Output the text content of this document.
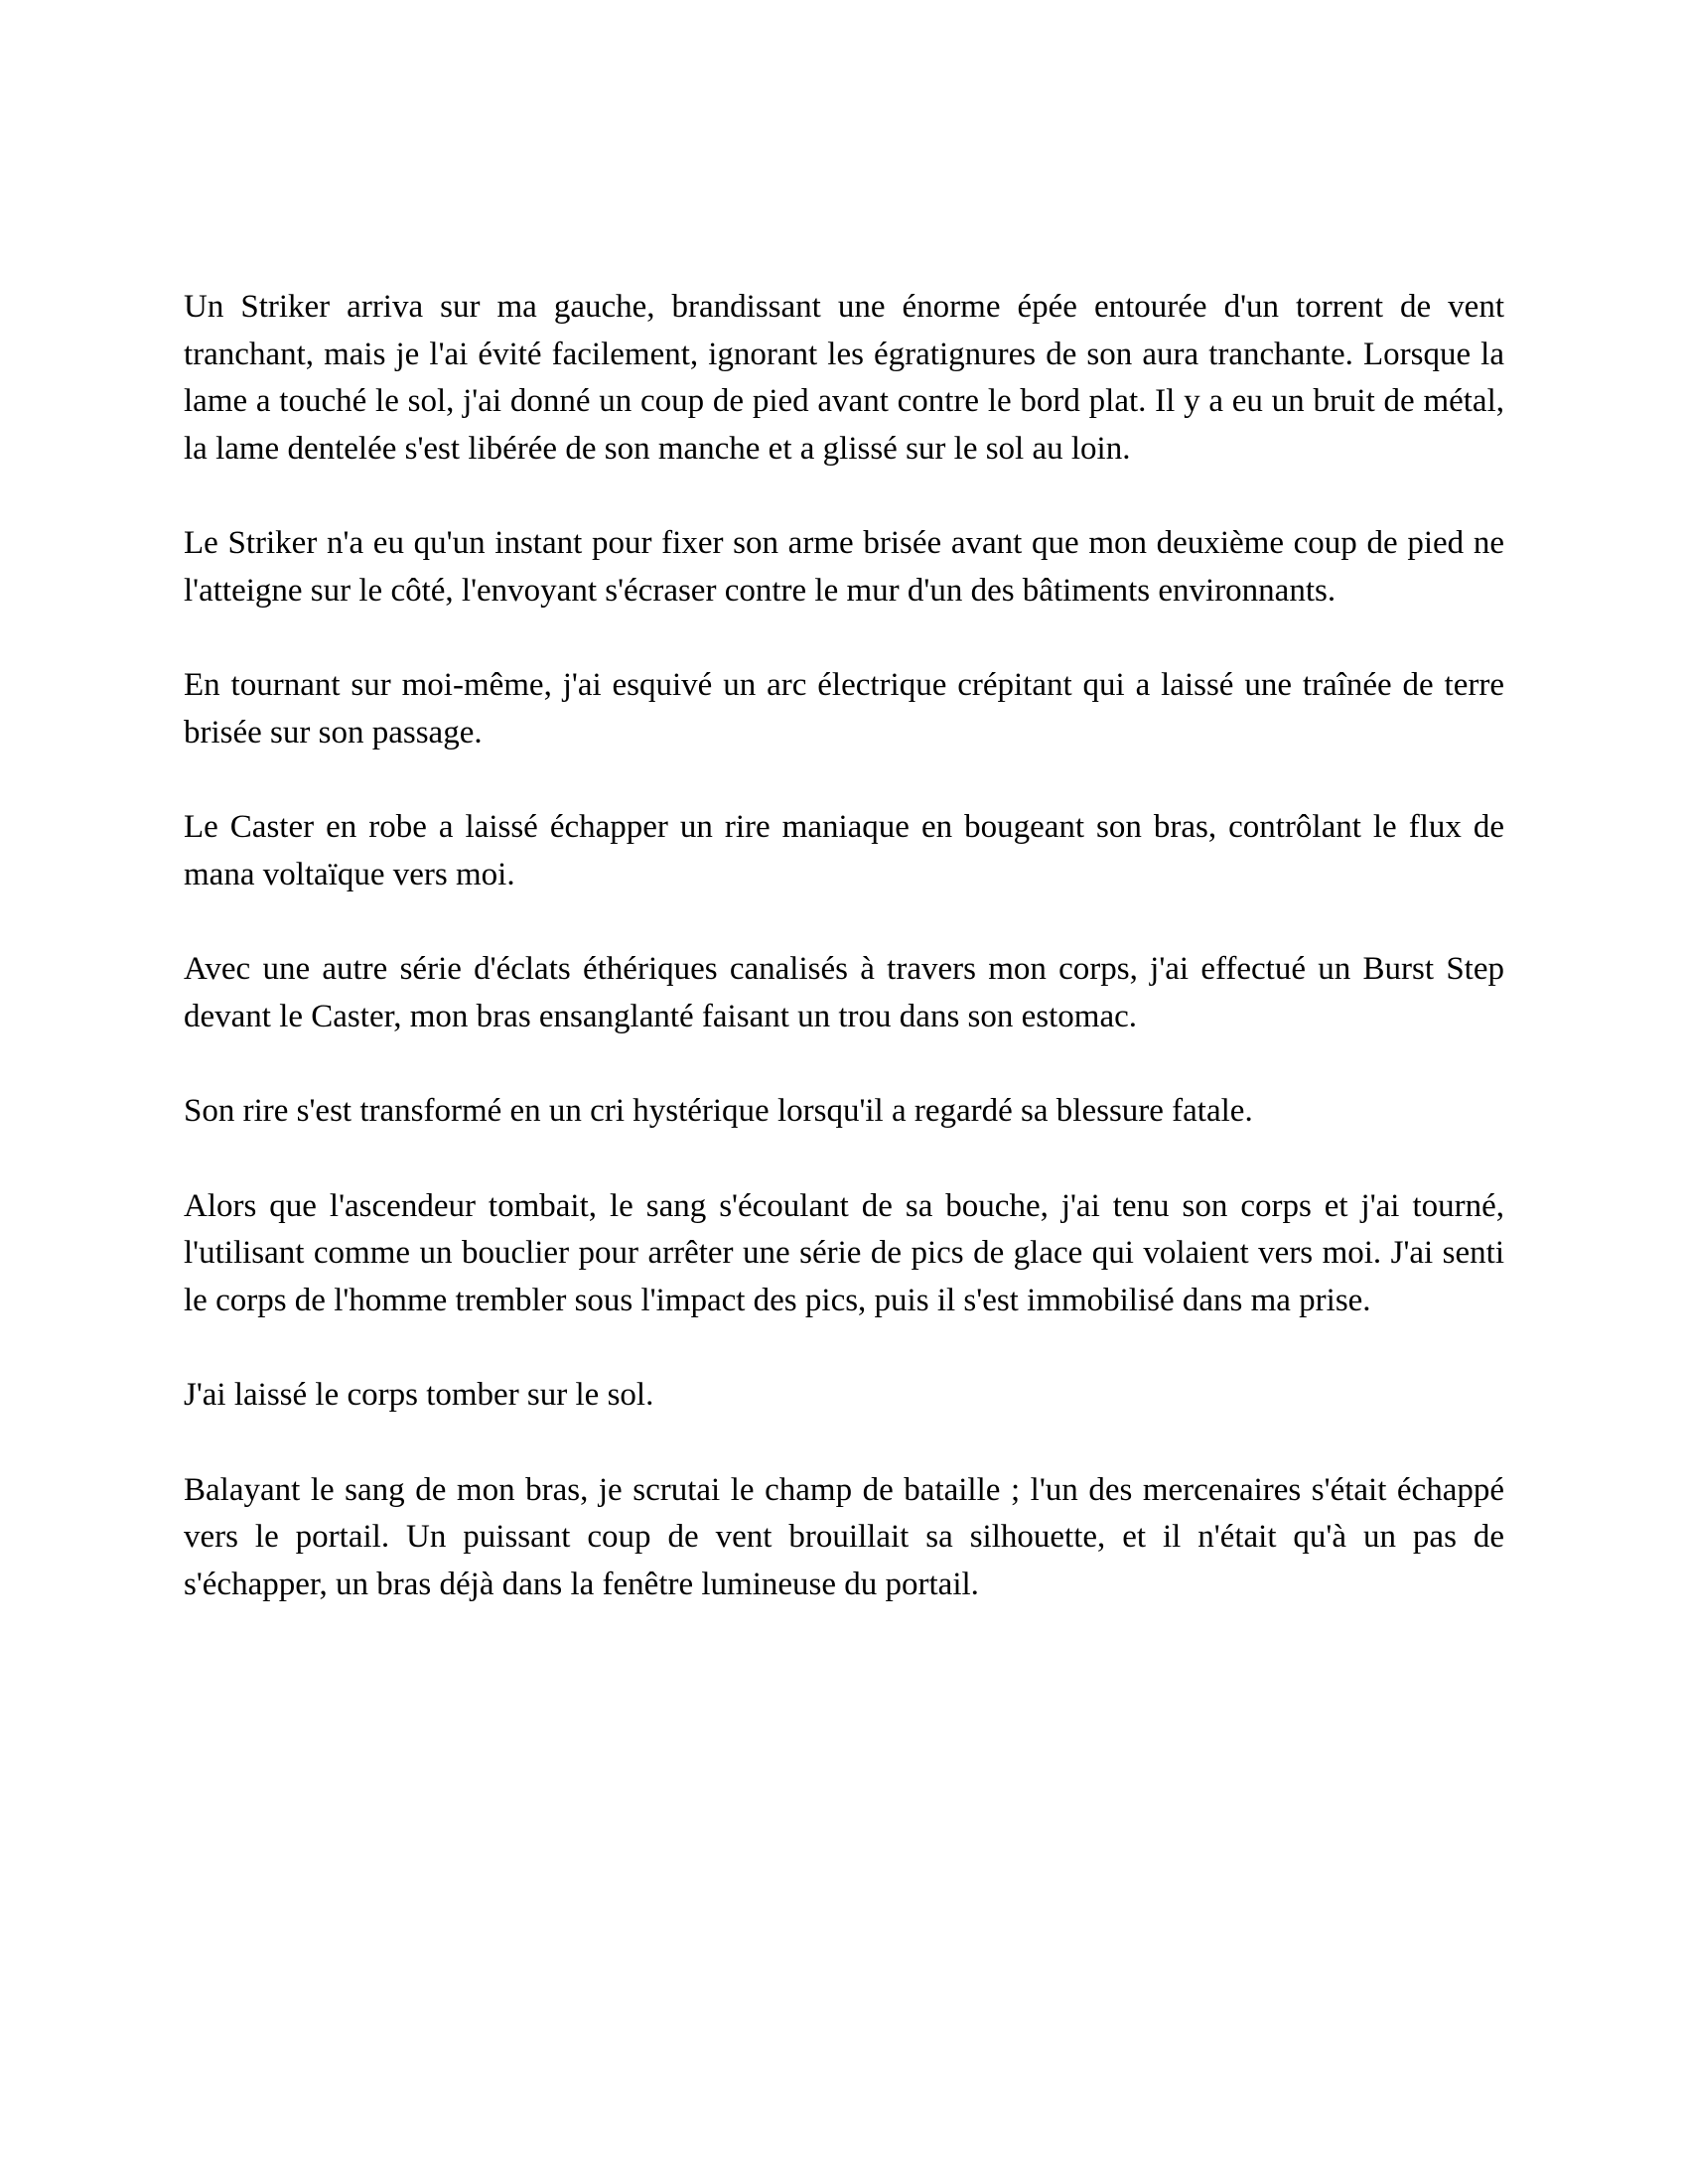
Un Striker arriva sur ma gauche, brandissant une énorme épée entourée d'un torrent de vent tranchant, mais je l'ai évité facilement, ignorant les égratignures de son aura tranchante. Lorsque la lame a touché le sol, j'ai donné un coup de pied avant contre le bord plat. Il y a eu un bruit de métal, la lame dentelée s'est libérée de son manche et a glissé sur le sol au loin.

Le Striker n'a eu qu'un instant pour fixer son arme brisée avant que mon deuxième coup de pied ne l'atteigne sur le côté, l'envoyant s'écraser contre le mur d'un des bâtiments environnants.

En tournant sur moi-même, j'ai esquivé un arc électrique crépitant qui a laissé une traînée de terre brisée sur son passage.

Le Caster en robe a laissé échapper un rire maniaque en bougeant son bras, contrôlant le flux de mana voltaïque vers moi.

Avec une autre série d'éclats éthériques canalisés à travers mon corps, j'ai effectué un Burst Step devant le Caster, mon bras ensanglanté faisant un trou dans son estomac.

Son rire s'est transformé en un cri hystérique lorsqu'il a regardé sa blessure fatale.

Alors que l'ascendeur tombait, le sang s'écoulant de sa bouche, j'ai tenu son corps et j'ai tourné, l'utilisant comme un bouclier pour arrêter une série de pics de glace qui volaient vers moi. J'ai senti le corps de l'homme trembler sous l'impact des pics, puis il s'est immobilisé dans ma prise.

J'ai laissé le corps tomber sur le sol.

Balayant le sang de mon bras, je scrutai le champ de bataille ; l'un des mercenaires s'était échappé vers le portail. Un puissant coup de vent brouillait sa silhouette, et il n'était qu'à un pas de s'échapper, un bras déjà dans la fenêtre lumineuse du portail.
